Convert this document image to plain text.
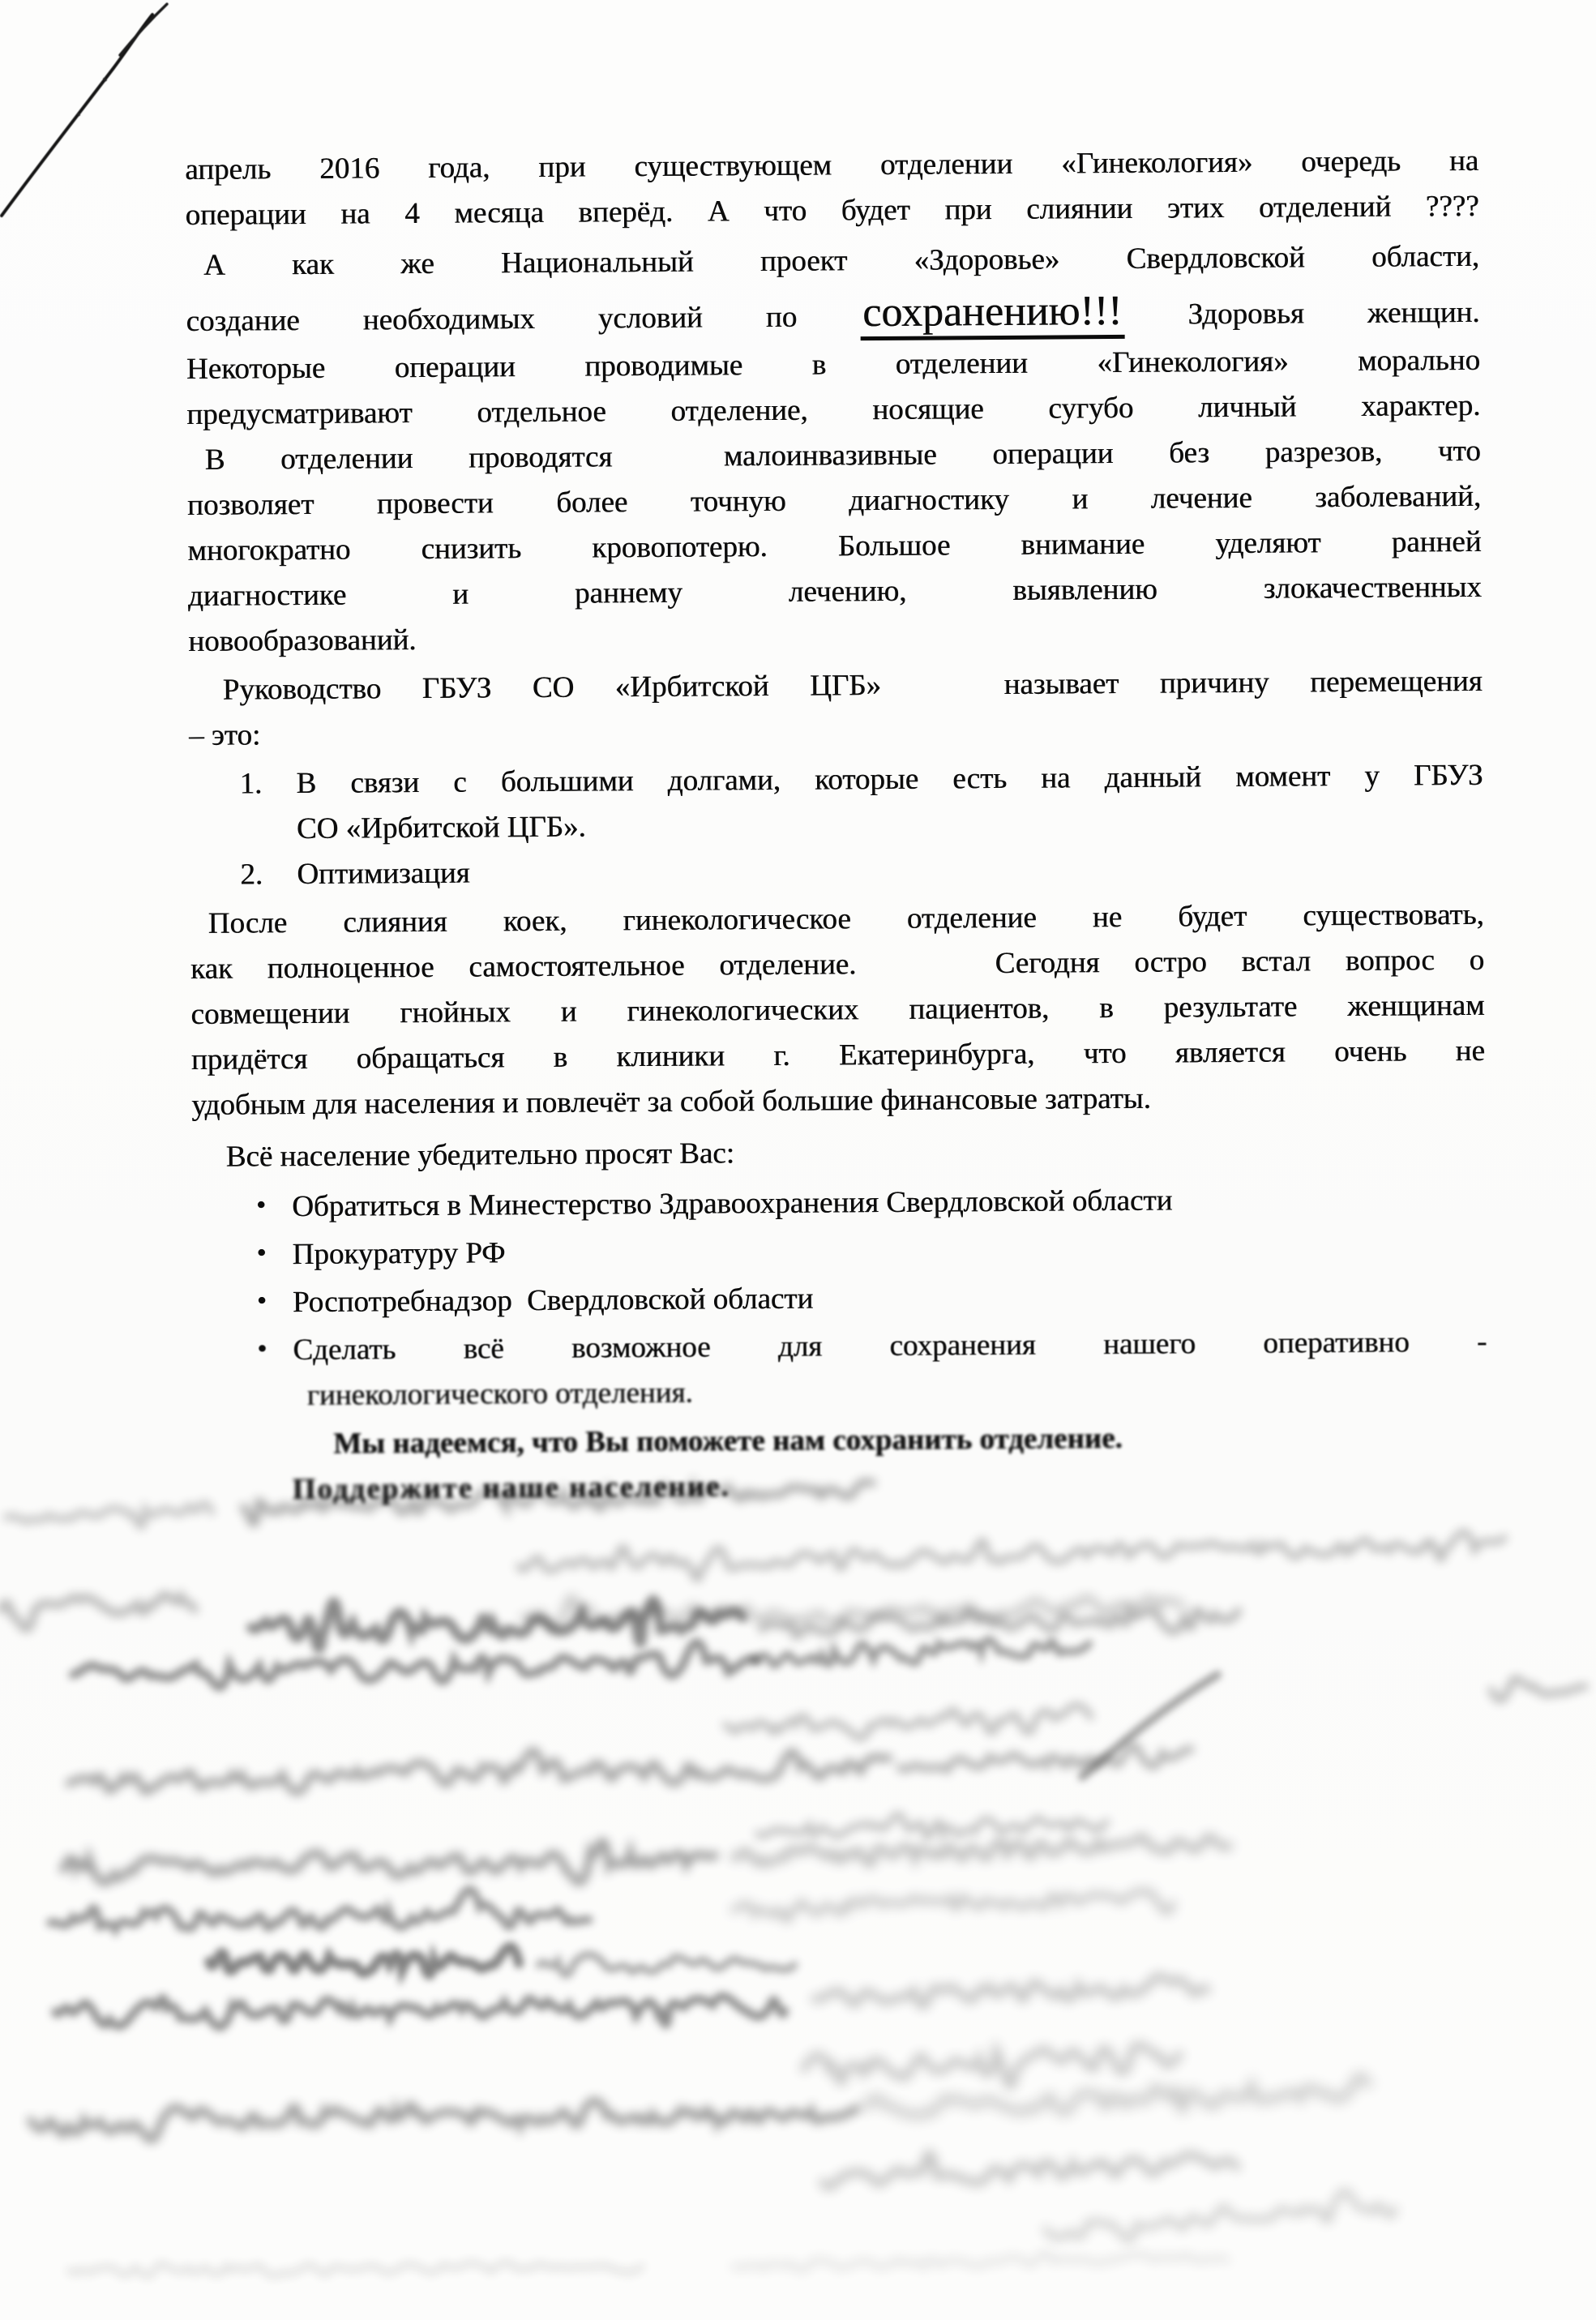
апрель 2016 года, при существующем отделении «Гинекология» очередь на
операции на 4 месяца вперёд. А что будет при слиянии этих отделений ????
А как же Национальный проект «Здоровье» Свердловской области,
создание необходимых условий по сохранению!!! Здоровья женщин.
Некоторые операции проводимые в отделении «Гинекология» морально
предусматривают отдельное отделение, носящие сугубо личный характер.
В отделении проводятся  малоинвазивные операции без разрезов, что
позволяет провести более точную диагностику и лечение заболеваний,
многократно снизить кровопотерю. Большое внимание уделяют ранней
диагностике и раннему лечению, выявлению злокачественных
новообразований.
Руководство ГБУЗ СО «Ирбитской ЦГБ»   называет причину перемещения
– это:
1. В связи с большими долгами, которые есть на данный момент у ГБУЗ
СО «Ирбитской ЦГБ».
2. Оптимизация
После слияния коек, гинекологическое отделение не будет существовать,
как полноценное самостоятельное отделение.    Сегодня остро встал вопрос о
совмещении гнойных и гинекологических пациентов, в результате женщинам
придётся обращаться в клиники г. Екатеринбурга, что является очень не
удобным для населения и повлечёт за собой большие финансовые затраты.
Всё население убедительно просят Вас:
• Обратиться в Минестерство Здравоохранения Свердловской области
• Прокуратуру РФ
• Роспотребнадзор  Свердловской области
• Сделать всё возможное для сохранения нашего оперативно -
гинекологического отделения.
Мы надеемся, что Вы поможете нам сохранить отделение.
Поддержите наше население.
